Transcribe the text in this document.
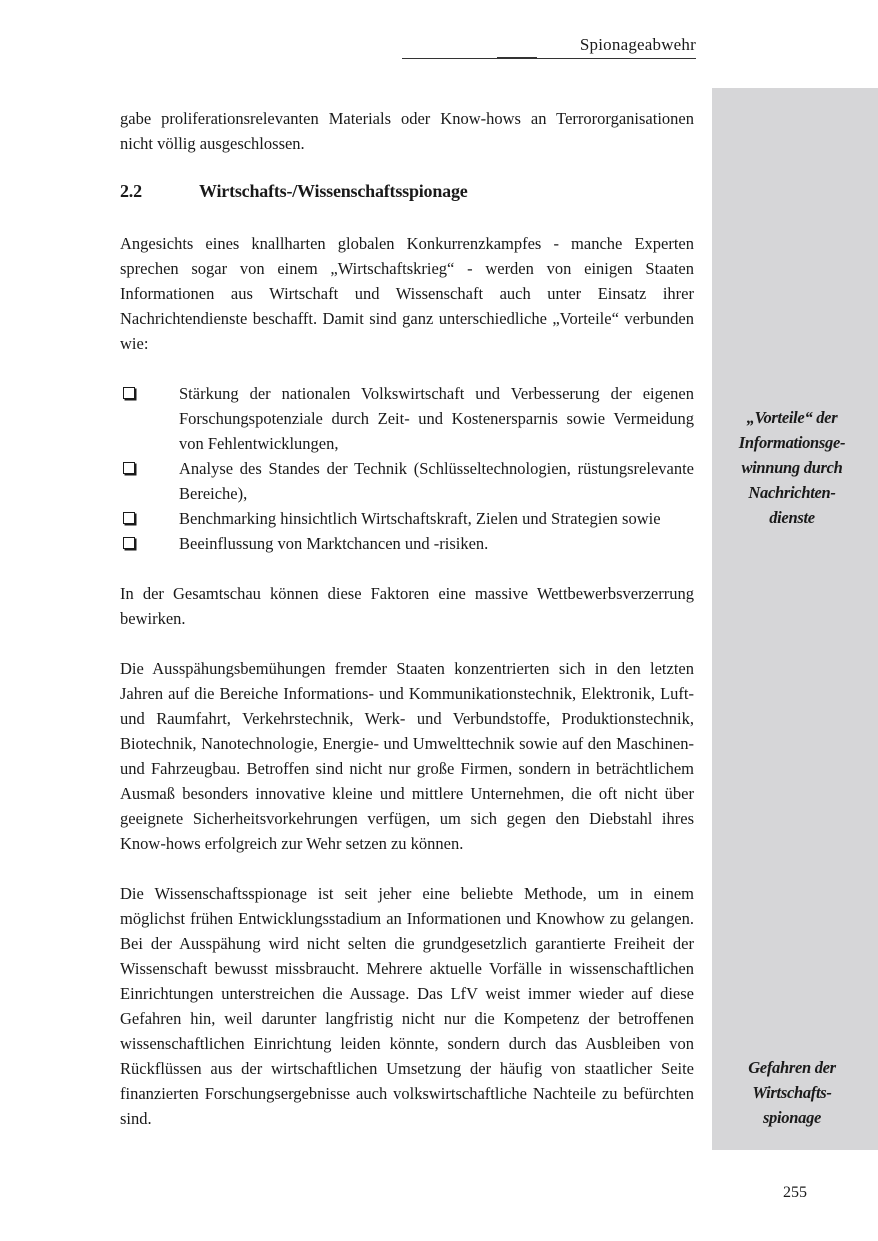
Spionageabwehr
„Vorteile“ der
Informationsge-
winnung durch
Nachrichten-
dienste
Gefahren der
Wirtschafts-
spionage

gabe proliferationsrelevanten Materials oder Know-hows an Terrororganisationen nicht völlig ausgeschlossen.

2.2	Wirtschafts-/Wissenschaftsspionage

Angesichts eines knallharten globalen Konkurrenzkampfes - manche Experten sprechen sogar von einem „Wirtschaftskrieg“ - werden von einigen Staaten Informationen aus Wirtschaft und Wissenschaft auch unter Einsatz ihrer Nachrichtendienste beschafft. Damit sind ganz unterschiedliche „Vorteile“ verbunden wie:

Stärkung der nationalen Volkswirtschaft und Verbesserung der eigenen Forschungspotenziale durch Zeit- und Kostenersparnis sowie Vermeidung von Fehlentwicklungen,
Analyse des Standes der Technik (Schlüsseltechnologien, rüstungsrelevante Bereiche),
Benchmarking hinsichtlich Wirtschaftskraft, Zielen und Strategien sowie
Beeinflussung von Marktchancen und -risiken.

In der Gesamtschau können diese Faktoren eine massive Wettbewerbsverzerrung bewirken.

Die Ausspähungsbemühungen fremder Staaten konzentrierten sich in den letzten Jahren auf die Bereiche Informations- und Kommunikationstechnik, Elektronik, Luft- und Raumfahrt, Verkehrstechnik, Werk- und Verbundstoffe, Produktionstechnik, Biotechnik, Nanotechnologie, Energie- und Umwelttechnik sowie auf den Maschinen- und Fahrzeugbau. Betroffen sind nicht nur große Firmen, sondern in beträchtlichem Ausmaß besonders innovative kleine und mittlere Unternehmen, die oft nicht über geeignete Sicherheitsvorkehrungen verfügen, um sich gegen den Diebstahl ihres Know-hows erfolgreich zur Wehr setzen zu können.

Die Wissenschaftsspionage ist seit jeher eine beliebte Methode, um in einem möglichst frühen Entwicklungsstadium an Informationen und Knowhow zu gelangen. Bei der Ausspähung wird nicht selten die grundgesetzlich garantierte Freiheit der Wissenschaft bewusst missbraucht. Mehrere aktuelle Vorfälle in wissenschaftlichen Einrichtungen unterstreichen die Aussage. Das LfV weist immer wieder auf diese Gefahren hin, weil darunter langfristig nicht nur die Kompetenz der betroffenen wissenschaftlichen Einrichtung leiden könnte, sondern durch das Ausbleiben von Rückflüssen aus der wirtschaftlichen Umsetzung der häufig von staatlicher Seite finanzierten Forschungsergebnisse auch volkswirtschaftliche Nachteile zu befürchten sind.

255
